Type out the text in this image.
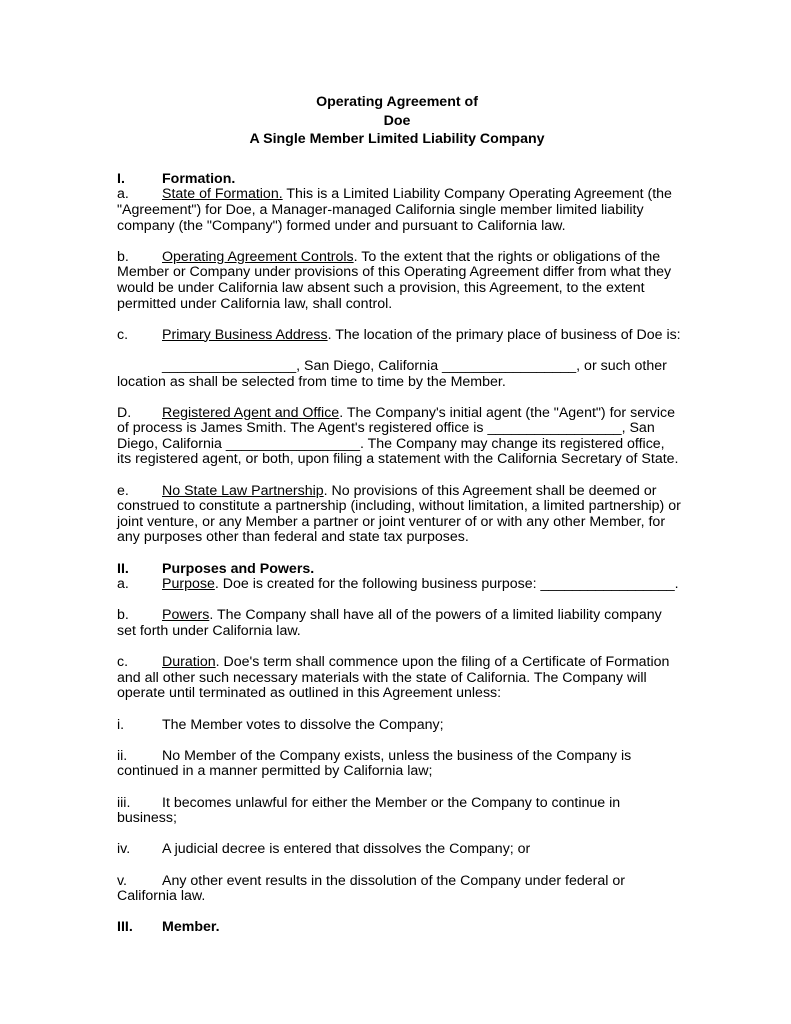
Operating Agreement of
Doe
A Single Member Limited Liability Company
I.	Formation.

a. State of Formation. This is a Limited Liability Company Operating Agreement (the "Agreement") for Doe, a Manager-managed California single member limited liability company (the "Company") formed under and pursuant to California law.

b. Operating Agreement Controls. To the extent that the rights or obligations of the Member or Company under provisions of this Operating Agreement differ from what they would be under California law absent such a provision, this Agreement, to the extent permitted under California law, shall control.

c. Primary Business Address. The location of the primary place of business of Doe is:

_________________, San Diego, California _________________, or such other location as shall be selected from time to time by the Member.

D. Registered Agent and Office. The Company's initial agent (the "Agent") for service of process is James Smith. The Agent's registered office is _________________, San Diego, California _________________. The Company may change its registered office, its registered agent, or both, upon filing a statement with the California Secretary of State.

e. No State Law Partnership. No provisions of this Agreement shall be deemed or construed to constitute a partnership (including, without limitation, a limited partnership) or joint venture, or any Member a partner or joint venturer of or with any other Member, for any purposes other than federal and state tax purposes.

II.	Purposes and Powers.

a. Purpose. Doe is created for the following business purpose: _________________.

b. Powers. The Company shall have all of the powers of a limited liability company set forth under California law.

c. Duration. Doe's term shall commence upon the filing of a Certificate of Formation and all other such necessary materials with the state of California. The Company will operate until terminated as outlined in this Agreement unless:

i.	The Member votes to dissolve the Company;

ii. No Member of the Company exists, unless the business of the Company is continued in a manner permitted by California law;

iii. It becomes unlawful for either the Member or the Company to continue in business;

iv. A judicial decree is entered that dissolves the Company; or

v. Any other event results in the dissolution of the Company under federal or California law.

III.	Member.
